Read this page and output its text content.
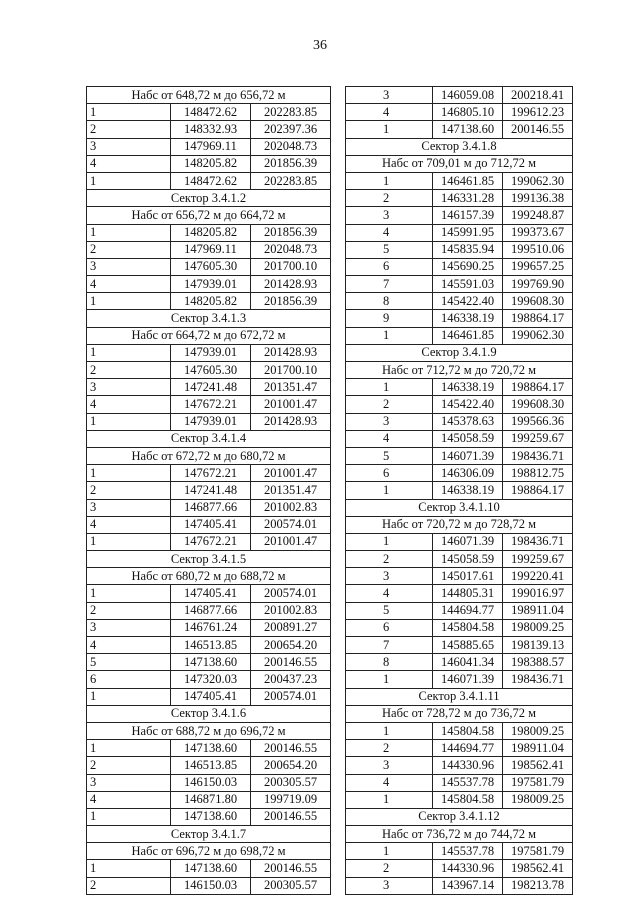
36
Набс от 648,72 м до 656,72 м		
1	148472.62	202283.85
2	148332.93	202397.36
3	147969.11	202048.73
4	148205.82	201856.39
1	148472.62	202283.85
Сектор 3.4.1.2		
Набс от 656,72 м до 664,72 м		
1	148205.82	201856.39
2	147969.11	202048.73
3	147605.30	201700.10
4	147939.01	201428.93
1	148205.82	201856.39
Сектор 3.4.1.3		
Набс от 664,72 м до 672,72 м		
1	147939.01	201428.93
2	147605.30	201700.10
3	147241.48	201351.47
4	147672.21	201001.47
1	147939.01	201428.93
Сектор 3.4.1.4		
Набс от 672,72 м до 680,72 м		
1	147672.21	201001.47
2	147241.48	201351.47
3	146877.66	201002.83
4	147405.41	200574.01
1	147672.21	201001.47
Сектор 3.4.1.5		
Набс от 680,72 м до 688,72 м		
1	147405.41	200574.01
2	146877.66	201002.83
3	146761.24	200891.27
4	146513.85	200654.20
5	147138.60	200146.55
6	147320.03	200437.23
1	147405.41	200574.01
Сектор 3.4.1.6		
Набс от 688,72 м до 696,72 м		
1	147138.60	200146.55
2	146513.85	200654.20
3	146150.03	200305.57
4	146871.80	199719.09
1	147138.60	200146.55
Сектор 3.4.1.7		
Набс от 696,72 м до 698,72 м		
1	147138.60	200146.55
2	146150.03	200305.57
3	146059.08	200218.41
4	146805.10	199612.23
1	147138.60	200146.55
Сектор 3.4.1.8		
Набс от 709,01 м до 712,72 м		
1	146461.85	199062.30
2	146331.28	199136.38
3	146157.39	199248.87
4	145991.95	199373.67
5	145835.94	199510.06
6	145690.25	199657.25
7	145591.03	199769.90
8	145422.40	199608.30
9	146338.19	198864.17
1	146461.85	199062.30
Сектор 3.4.1.9		
Набс от 712,72 м до 720,72 м		
1	146338.19	198864.17
2	145422.40	199608.30
3	145378.63	199566.36
4	145058.59	199259.67
5	146071.39	198436.71
6	146306.09	198812.75
1	146338.19	198864.17
Сектор 3.4.1.10		
Набс от 720,72 м до 728,72 м		
1	146071.39	198436.71
2	145058.59	199259.67
3	145017.61	199220.41
4	144805.31	199016.97
5	144694.77	198911.04
6	145804.58	198009.25
7	145885.65	198139.13
8	146041.34	198388.57
1	146071.39	198436.71
Сектор 3.4.1.11		
Набс от 728,72 м до 736,72 м		
1	145804.58	198009.25
2	144694.77	198911.04
3	144330.96	198562.41
4	145537.78	197581.79
1	145804.58	198009.25
Сектор 3.4.1.12		
Набс от 736,72 м до 744,72 м		
1	145537.78	197581.79
2	144330.96	198562.41
3	143967.14	198213.78
